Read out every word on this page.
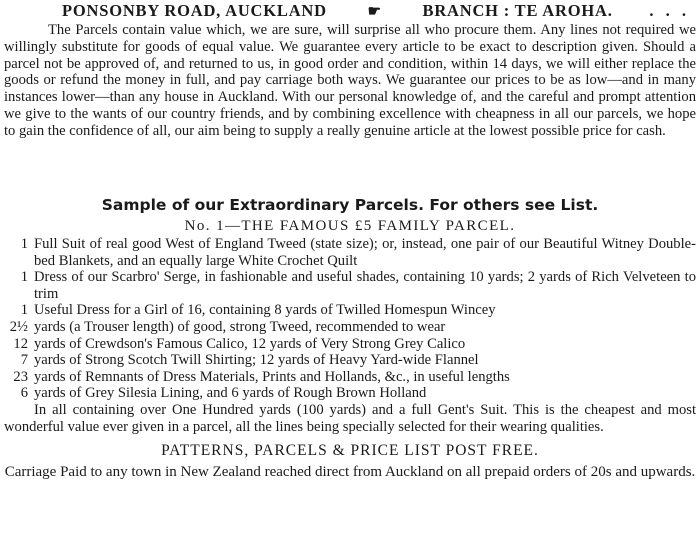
PONSONBY ROAD, AUCKLAND	☛ BRANCH : TE AROHA. . . .

The Parcels contain value which, we are sure, will surprise all who procure them. Any lines not required we willingly substitute for goods of equal value. We guarantee every article to be exact to description given. Should a parcel not be approved of, and returned to us, in good order and condition, within 14 days, we will either replace the goods or refund the money in full, and pay carriage both ways. We guarantee our prices to be as low—and in many instances lower—than any house in Auckland. With our personal knowledge of, and the careful and prompt attention we give to the wants of our country friends, and by combining excellence with cheapness in all our parcels, we hope to gain the confidence of all, our aim being to supply a really genuine article at the lowest possible price for cash.

Sample of our Extraordinary Parcels. For others see List.
No. 1—THE FAMOUS £5 FAMILY PARCEL.
1 Full Suit of real good West of England Tweed (state size); or, instead, one pair of our Beautiful Witney Double-bed Blankets, and an equally large White Crochet Quilt
1 Dress of our Scarbro' Serge, in fashionable and useful shades, containing 10 yards; 2 yards of Rich Velveteen to trim
1 Useful Dress for a Girl of 16, containing 8 yards of Twilled Homespun Wincey
2½ yards (a Trouser length) of good, strong Tweed, recommended to wear
12 yards of Crewdson's Famous Calico, 12 yards of Very Strong Grey Calico
7 yards of Strong Scotch Twill Shirting; 12 yards of Heavy Yard-wide Flannel
23 yards of Remnants of Dress Materials, Prints and Hollands, &c., in useful lengths
6 yards of Grey Silesia Lining, and 6 yards of Rough Brown Holland

In all containing over One Hundred yards (100 yards) and a full Gent's Suit. This is the cheapest and most wonderful value ever given in a parcel, all the lines being specially selected for their wearing qualities.

PATTERNS, PARCELS & PRICE LIST POST FREE.

Carriage Paid to any town in New Zealand reached direct from Auckland on all prepaid orders of 20s and upwards.
